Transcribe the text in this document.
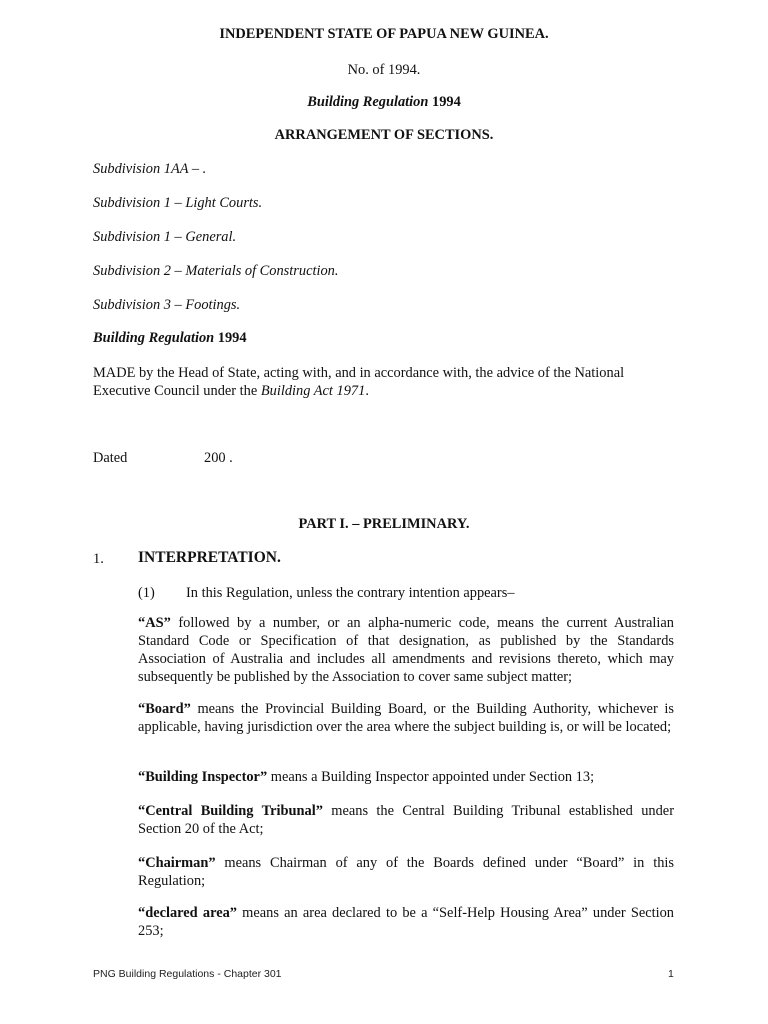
INDEPENDENT STATE OF PAPUA NEW GUINEA.
No. of 1994.
Building Regulation 1994
ARRANGEMENT OF SECTIONS.
Subdivision 1AA – .
Subdivision 1 – Light Courts.
Subdivision 1 – General.
Subdivision 2 – Materials of Construction.
Subdivision 3 – Footings.
Building Regulation 1994
MADE by the Head of State, acting with, and in accordance with, the advice of the National Executive Council under the Building Act 1971.
Dated	200 .
PART I. – PRELIMINARY.
1. INTERPRETATION.
(1) In this Regulation, unless the contrary intention appears–
“AS” followed by a number, or an alpha-numeric code, means the current Australian Standard Code or Specification of that designation, as published by the Standards Association of Australia and includes all amendments and revisions thereto, which may subsequently be published by the Association to cover same subject matter;
“Board” means the Provincial Building Board, or the Building Authority, whichever is applicable, having jurisdiction over the area where the subject building is, or will be located;
“Building Inspector” means a Building Inspector appointed under Section 13;
“Central Building Tribunal” means the Central Building Tribunal established under Section 20 of the Act;
“Chairman” means Chairman of any of the Boards defined under “Board” in this Regulation;
“declared area” means an area declared to be a “Self-Help Housing Area” under Section 253;
PNG Building Regulations - Chapter 301	1
